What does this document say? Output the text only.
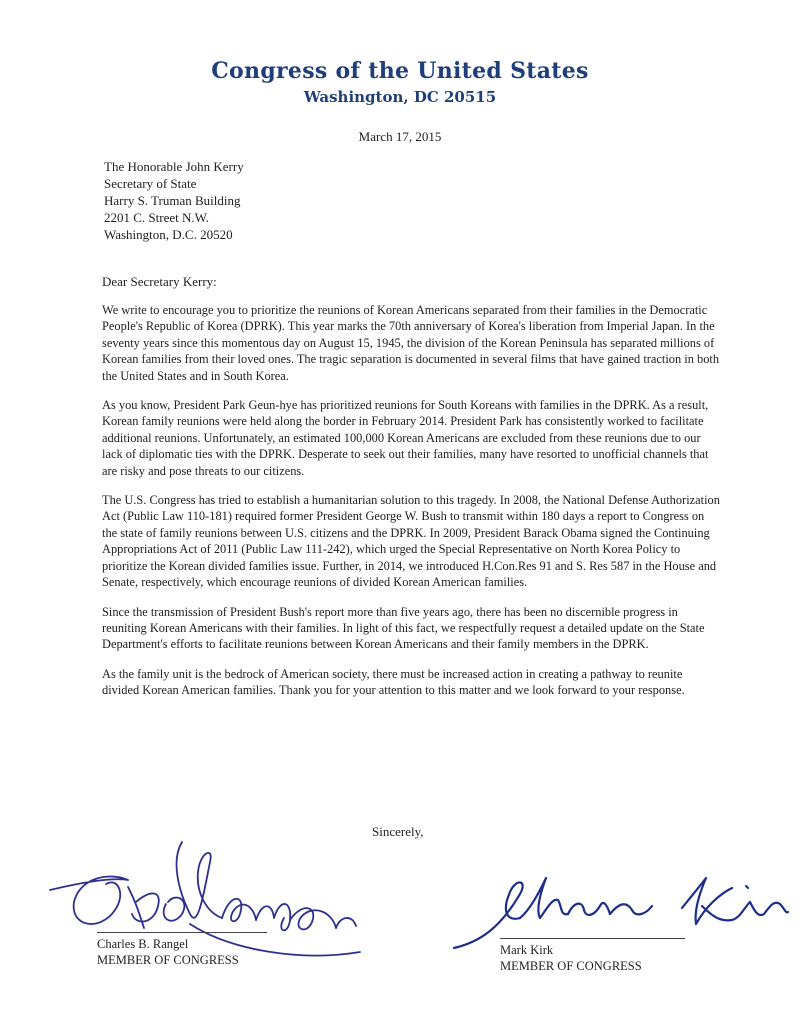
Congress of the United States
Washington, DC 20515
March 17, 2015
The Honorable John Kerry
Secretary of State
Harry S. Truman Building
2201 C. Street N.W.
Washington, D.C. 20520
Dear Secretary Kerry:

We write to encourage you to prioritize the reunions of Korean Americans separated from their families in the Democratic People's Republic of Korea (DPRK). This year marks the 70th anniversary of Korea's liberation from Imperial Japan. In the seventy years since this momentous day on August 15, 1945, the division of the Korean Peninsula has separated millions of Korean families from their loved ones. The tragic separation is documented in several films that have gained traction in both the United States and in South Korea.

As you know, President Park Geun-hye has prioritized reunions for South Koreans with families in the DPRK. As a result, Korean family reunions were held along the border in February 2014. President Park has consistently worked to facilitate additional reunions. Unfortunately, an estimated 100,000 Korean Americans are excluded from these reunions due to our lack of diplomatic ties with the DPRK. Desperate to seek out their families, many have resorted to unofficial channels that are risky and pose threats to our citizens.

The U.S. Congress has tried to establish a humanitarian solution to this tragedy. In 2008, the National Defense Authorization Act (Public Law 110-181) required former President George W. Bush to transmit within 180 days a report to Congress on the state of family reunions between U.S. citizens and the DPRK. In 2009, President Barack Obama signed the Continuing Appropriations Act of 2011 (Public Law 111-242), which urged the Special Representative on North Korea Policy to prioritize the Korean divided families issue. Further, in 2014, we introduced H.Con.Res 91 and S. Res 587 in the House and Senate, respectively, which encourage reunions of divided Korean American families.

Since the transmission of President Bush's report more than five years ago, there has been no discernible progress in reuniting Korean Americans with their families. In light of this fact, we respectfully request a detailed update on the State Department's efforts to facilitate reunions between Korean Americans and their family members in the DPRK.

As the family unit is the bedrock of American society, there must be increased action in creating a pathway to reunite divided Korean American families. Thank you for your attention to this matter and we look forward to your response.

Sincerely,
Charles B. Rangel
MEMBER OF CONGRESS
Mark Kirk
MEMBER OF CONGRESS
